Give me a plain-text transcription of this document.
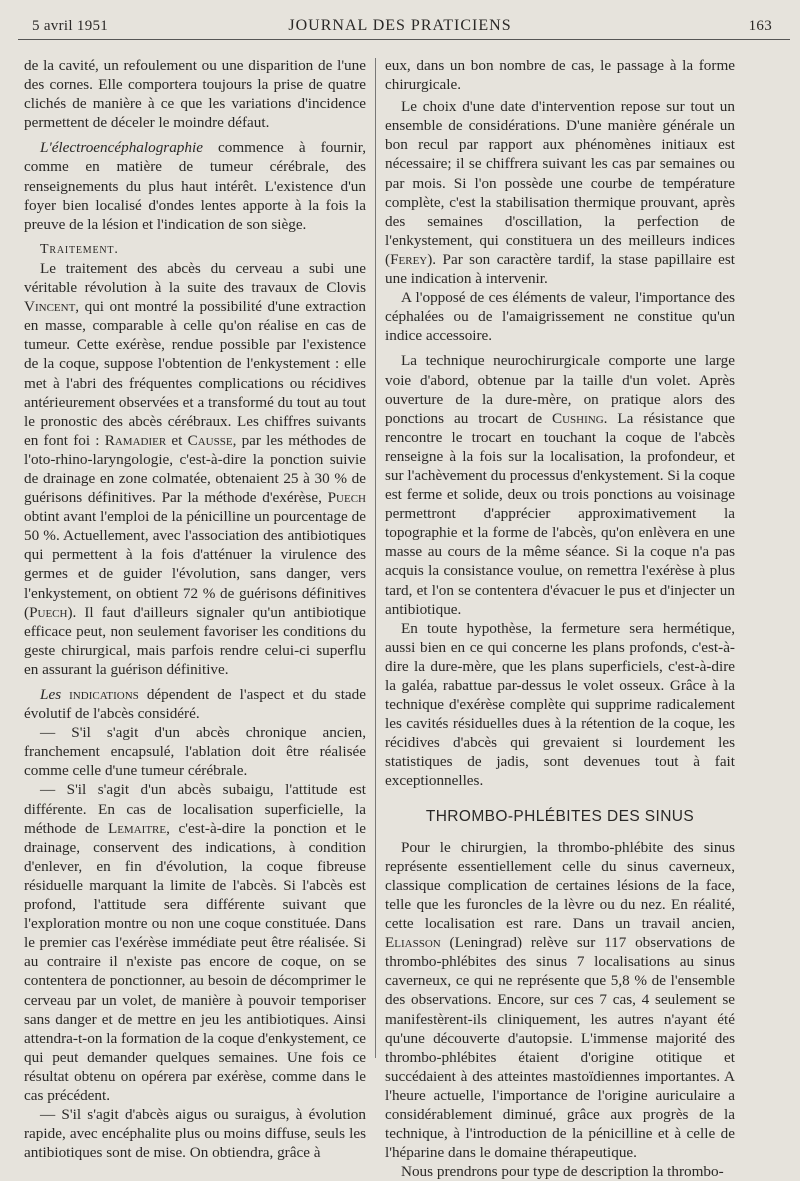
5 avril 1951	JOURNAL DES PRATICIENS	163

de la cavité, un refoulement ou une disparition de l'une des cornes. Elle comportera toujours la prise de quatre clichés de manière à ce que les variations d'incidence permettent de déceler le moindre défaut.

L'électroencéphalographie commence à fournir, comme en matière de tumeur cérébrale, des renseignements du plus haut intérêt. L'existence d'un foyer bien localisé d'ondes lentes apporte à la fois la preuve de la lésion et l'indication de son siège.

Traitement.

Le traitement des abcès du cerveau a subi une véritable révolution à la suite des travaux de Clovis Vincent, qui ont montré la possibilité d'une extraction en masse, comparable à celle qu'on réalise en cas de tumeur. Cette exérèse, rendue possible par l'existence de la coque, suppose l'obtention de l'enkystement : elle met à l'abri des fréquentes complications ou récidives antérieurement observées et a transformé du tout au tout le pronostic des abcès cérébraux. Les chiffres suivants en font foi : Ramadier et Causse, par les méthodes de l'oto-rhino-laryngologie, c'est-à-dire la ponction suivie de drainage en zone colmatée, obtenaient 25 à 30 % de guérisons définitives. Par la méthode d'exérèse, Puech obtint avant l'emploi de la pénicilline un pourcentage de 50 %. Actuellement, avec l'association des antibiotiques qui permettent à la fois d'atténuer la virulence des germes et de guider l'évolution, sans danger, vers l'enkystement, on obtient 72 % de guérisons définitives (Puech). Il faut d'ailleurs signaler qu'un antibiotique efficace peut, non seulement favoriser les conditions du geste chirurgical, mais parfois rendre celui-ci superflu en assurant la guérison définitive.

Les indications dépendent de l'aspect et du stade évolutif de l'abcès considéré.

— S'il s'agit d'un abcès chronique ancien, franchement encapsulé, l'ablation doit être réalisée comme celle d'une tumeur cérébrale.

— S'il s'agit d'un abcès subaigu, l'attitude est différente. En cas de localisation superficielle, la méthode de Lemaitre, c'est-à-dire la ponction et le drainage, conservent des indications, à condition d'enlever, en fin d'évolution, la coque fibreuse résiduelle marquant la limite de l'abcès. Si l'abcès est profond, l'attitude sera différente suivant que l'exploration montre ou non une coque constituée. Dans le premier cas l'exérèse immédiate peut être réalisée. Si au contraire il n'existe pas encore de coque, on se contentera de ponctionner, au besoin de décomprimer le cerveau par un volet, de manière à pouvoir temporiser sans danger et de mettre en jeu les antibiotiques. Ainsi attendra-t-on la formation de la coque d'enkystement, ce qui peut demander quelques semaines. Une fois ce résultat obtenu on opérera par exérèse, comme dans le cas précédent.

— S'il s'agit d'abcès aigus ou suraigus, à évolution rapide, avec encéphalite plus ou moins diffuse, seuls les antibiotiques sont de mise. On obtiendra, grâce à

eux, dans un bon nombre de cas, le passage à la forme chirurgicale.

Le choix d'une date d'intervention repose sur tout un ensemble de considérations. D'une manière générale un bon recul par rapport aux phénomènes initiaux est nécessaire; il se chiffrera suivant les cas par semaines ou par mois. Si l'on possède une courbe de température complète, c'est la stabilisation thermique prouvant, après des semaines d'oscillation, la perfection de l'enkystement, qui constituera un des meilleurs indices (Ferey). Par son caractère tardif, la stase papillaire est une indication à intervenir.

A l'opposé de ces éléments de valeur, l'importance des céphalées ou de l'amaigrissement ne constitue qu'un indice accessoire.

La technique neurochirurgicale comporte une large voie d'abord, obtenue par la taille d'un volet. Après ouverture de la dure-mère, on pratique alors des ponctions au trocart de Cushing. La résistance que rencontre le trocart en touchant la coque de l'abcès renseigne à la fois sur la localisation, la profondeur, et sur l'achèvement du processus d'enkystement. Si la coque est ferme et solide, deux ou trois ponctions au voisinage permettront d'apprécier approximativement la topographie et la forme de l'abcès, qu'on enlèvera en une masse au cours de la même séance. Si la coque n'a pas acquis la consistance voulue, on remettra l'exérèse à plus tard, et l'on se contentera d'évacuer le pus et d'injecter un antibiotique.

En toute hypothèse, la fermeture sera hermétique, aussi bien en ce qui concerne les plans profonds, c'est-à-dire la dure-mère, que les plans superficiels, c'est-à-dire la galéa, rabattue par-dessus le volet osseux. Grâce à la technique d'exérèse complète qui supprime radicalement les cavités résiduelles dues à la rétention de la coque, les récidives d'abcès qui grevaient si lourdement les statistiques de jadis, sont devenues tout à fait exceptionnelles.

THROMBO-PHLÉBITES DES SINUS

Pour le chirurgien, la thrombo-phlébite des sinus représente essentiellement celle du sinus caverneux, classique complication de certaines lésions de la face, telle que les furoncles de la lèvre ou du nez. En réalité, cette localisation est rare. Dans un travail ancien, Eliasson (Leningrad) relève sur 117 observations de thrombo-phlébites des sinus 7 localisations au sinus caverneux, ce qui ne représente que 5,8 % de l'ensemble des observations. Encore, sur ces 7 cas, 4 seulement se manifestèrent-ils cliniquement, les autres n'ayant été qu'une découverte d'autopsie. L'immense majorité des thrombo-phlébites étaient d'origine otitique et succédaient à des atteintes mastoïdiennes importantes. A l'heure actuelle, l'importance de l'origine auriculaire a considérablement diminué, grâce aux progrès de la technique, à l'introduction de la pénicilline et à celle de l'héparine dans le domaine thérapeutique.

Nous prendrons pour type de description la thrombo-
